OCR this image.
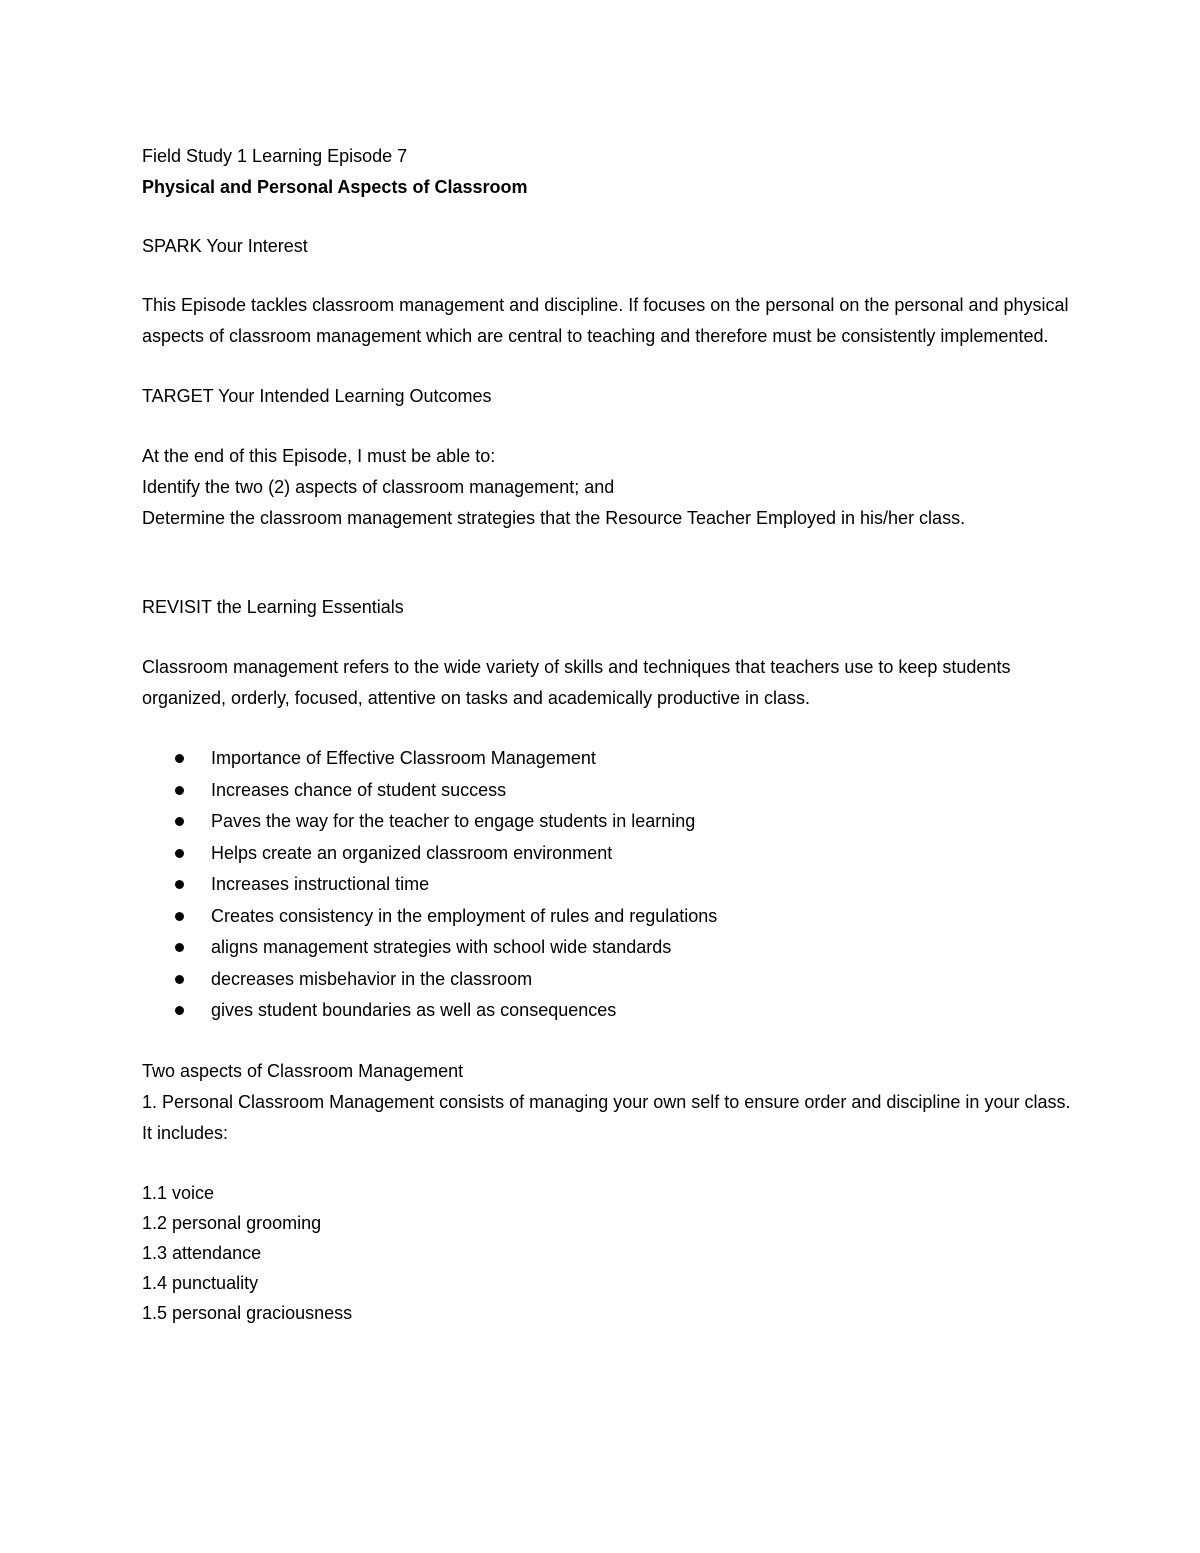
Field Study 1 Learning Episode 7

Physical and Personal Aspects of Classroom

SPARK Your Interest

This Episode tackles classroom management and discipline. If focuses on the personal on the personal and physical aspects of classroom management which are central to teaching and therefore must be consistently implemented.

TARGET Your Intended Learning Outcomes

At the end of this Episode, I must be able to:

Identify the two (2) aspects of classroom management; and

Determine the classroom management strategies that the Resource Teacher Employed in his/her class.

REVISIT the Learning Essentials

Classroom management refers to the wide variety of skills and techniques that teachers use to keep students organized, orderly, focused, attentive on tasks and academically productive in class.

Importance of Effective Classroom Management
Increases chance of student success
Paves the way for the teacher to engage students in learning
Helps create an organized classroom environment
Increases instructional time
Creates consistency in the employment of rules and regulations
aligns management strategies with school wide standards
decreases misbehavior in the classroom
gives student boundaries as well as consequences

Two aspects of Classroom Management

1. Personal Classroom Management consists of managing your own self to ensure order and discipline in your class. It includes:

1.1 voice

1.2 personal grooming

1.3 attendance

1.4 punctuality

1.5 personal graciousness
